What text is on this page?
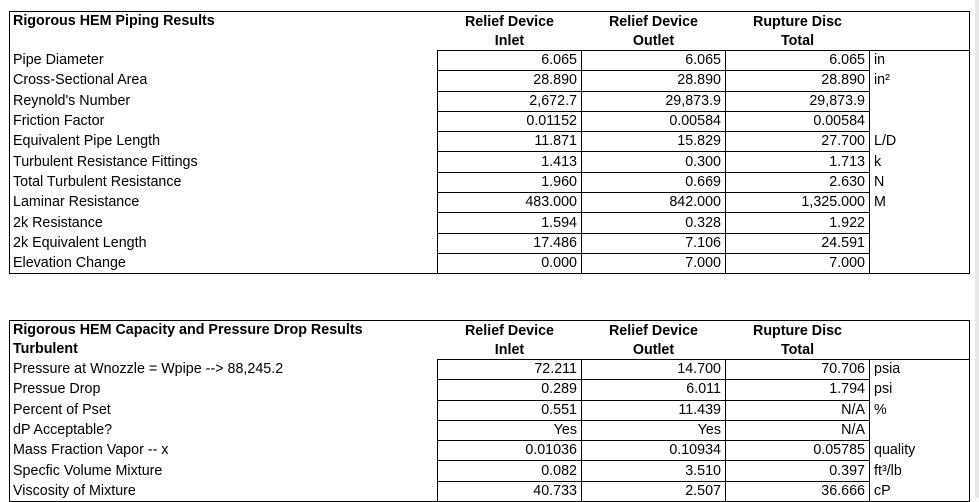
Rigorous HEM Piping Results	Relief Device	Relief Device	Rupture Disc	
	Inlet	Outlet	Total	
Pipe Diameter	6.065	6.065	6.065	in
Cross-Sectional Area	28.890	28.890	28.890	in²
Reynold's Number	2,672.7	29,873.9	29,873.9	
Friction Factor	0.01152	0.00584	0.00584	
Equivalent Pipe Length	11.871	15.829	27.700	L/D
Turbulent Resistance Fittings	1.413	0.300	1.713	k
Total Turbulent Resistance	1.960	0.669	2.630	N
Laminar Resistance	483.000	842.000	1,325.000	M
2k Resistance	1.594	0.328	1.922	
2k Equivalent Length	17.486	7.106	24.591	
Elevation Change	0.000	7.000	7.000	
Rigorous HEM Capacity and Pressure Drop Results	Relief Device	Relief Device	Rupture Disc	
Turbulent	Inlet	Outlet	Total	
Pressure at Wnozzle = Wpipe --> 88,245.2	72.211	14.700	70.706	psia
Pressue Drop	0.289	6.011	1.794	psi
Percent of Pset	0.551	11.439	N/A	%
dP Acceptable?	Yes	Yes	N/A	
Mass Fraction Vapor -- x	0.01036	0.10934	0.05785	quality
Specfic Volume Mixture	0.082	3.510	0.397	ft³/lb
Viscosity of Mixture	40.733	2.507	36.666	cP
